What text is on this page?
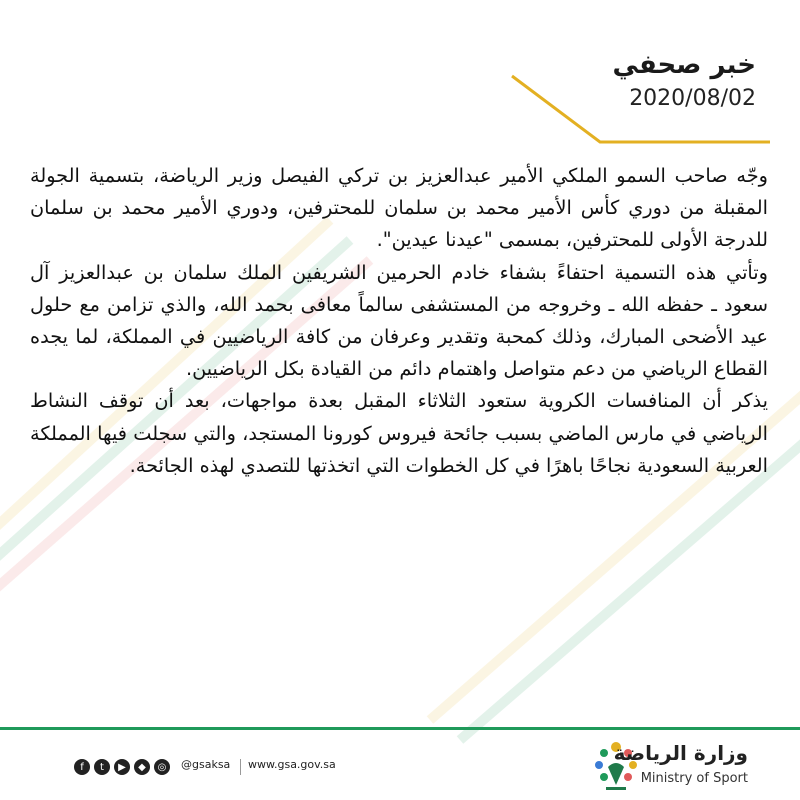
خبر صحفي
2020/08/02

وجّه صاحب السمو الملكي الأمير عبدالعزيز بن تركي الفيصل وزير الرياضة، بتسمية الجولة المقبلة من دوري كأس الأمير محمد بن سلمان للمحترفين، ودوري الأمير محمد بن سلمان للدرجة الأولى للمحترفين، بمسمى "عيدنا عيدين".

وتأتي هذه التسمية احتفاءً بشفاء خادم الحرمين الشريفين الملك سلمان بن عبدالعزيز آل سعود ـ حفظه الله ـ وخروجه من المستشفى سالماً معافى بحمد الله، والذي تزامن مع حلول عيد الأضحى المبارك، وذلك كمحبة وتقدير وعرفان من كافة الرياضيين في المملكة، لما يجده القطاع الرياضي من دعم متواصل واهتمام دائم من القيادة بكل الرياضيين.

يذكر أن المنافسات الكروية ستعود الثلاثاء المقبل بعدة مواجهات، بعد أن توقف النشاط الرياضي في مارس الماضي بسبب جائحة فيروس كورونا المستجد، والتي سجلت فيها المملكة العربية السعودية نجاحًا باهرًا في كل الخطوات التي اتخذتها للتصدي لهذه الجائحة.

f	t	▶	◆	◎	@gsaksa www.gsa.gov.sa	وزارة الرياضة
Ministry of Sport
